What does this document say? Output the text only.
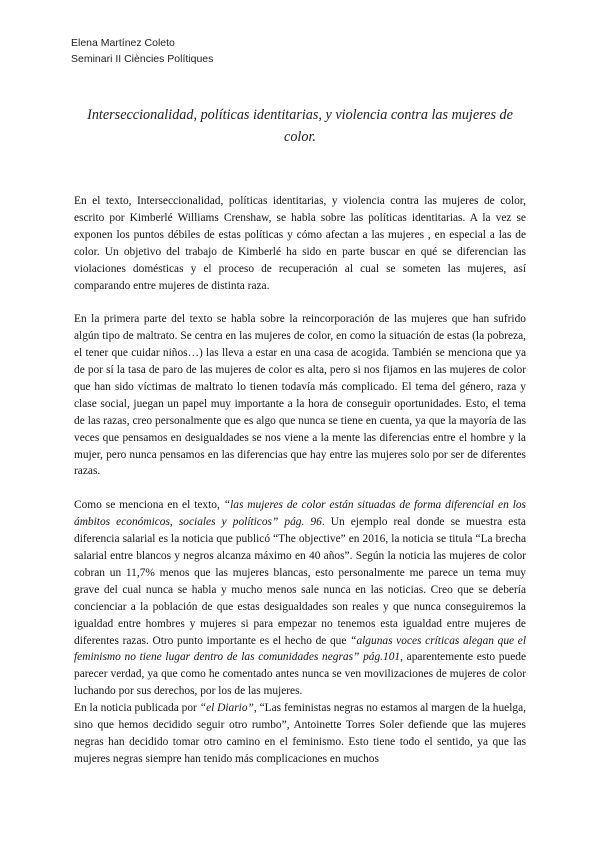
Elena Martínez Coleto
Seminari II Ciències Polítiques
Interseccionalidad, políticas identitarias, y violencia contra las mujeres de color.

En el texto, Interseccionalidad, políticas identitarias, y violencia contra las mujeres de color, escrito por Kimberlé Williams Crenshaw, se habla sobre las políticas identitarias. A la vez se exponen los puntos débiles de estas políticas y cómo afectan a las mujeres , en especial a las de color. Un objetivo del trabajo de Kimberlé ha sido en parte buscar en qué se diferencian las violaciones domésticas y el proceso de recuperación al cual se someten las mujeres, así comparando entre mujeres de distinta raza.

En la primera parte del texto se habla sobre la reincorporación de las mujeres que han sufrido algún tipo de maltrato. Se centra en las mujeres de color, en como la situación de estas (la pobreza, el tener que cuidar niños…) las lleva a estar en una casa de acogida. También se menciona que ya de por sí la tasa de paro de las mujeres de color es alta, pero si nos fijamos en las mujeres de color que han sido víctimas de maltrato lo tienen todavía más complicado. El tema del género, raza y clase social, juegan un papel muy importante a la hora de conseguir oportunidades. Esto, el tema de las razas, creo personalmente que es algo que nunca se tiene en cuenta, ya que la mayoría de las veces que pensamos en desigualdades se nos viene a la mente las diferencias entre el hombre y la mujer, pero nunca pensamos en las diferencias que hay entre las mujeres solo por ser de diferentes razas.

Como se menciona en el texto, “las mujeres de color están situadas de forma diferencial en los ámbitos económicos, sociales y políticos” pág. 96. Un ejemplo real donde se muestra esta diferencia salarial es la noticia que publicó “The objective” en 2016, la noticia se titula “La brecha salarial entre blancos y negros alcanza máximo en 40 años”. Según la noticia las mujeres de color cobran un 11,7% menos que las mujeres blancas, esto personalmente me parece un tema muy grave del cual nunca se habla y mucho menos sale nunca en las noticias. Creo que se debería concienciar a la población de que estas desigualdades son reales y que nunca conseguiremos la igualdad entre hombres y mujeres si para empezar no tenemos esta igualdad entre mujeres de diferentes razas. Otro punto importante es el hecho de que “algunas voces críticas alegan que el feminismo no tiene lugar dentro de las comunidades negras” pág.101, aparentemente esto puede parecer verdad, ya que como he comentado antes nunca se ven movilizaciones de mujeres de color luchando por sus derechos, por los de las mujeres.

En la noticia publicada por “el Diario”, “Las feministas negras no estamos al margen de la huelga, sino que hemos decidido seguir otro rumbo”, Antoinette Torres Soler defiende que las mujeres negras han decidido tomar otro camino en el feminismo. Esto tiene todo el sentido, ya que las mujeres negras siempre han tenido más complicaciones en muchos
